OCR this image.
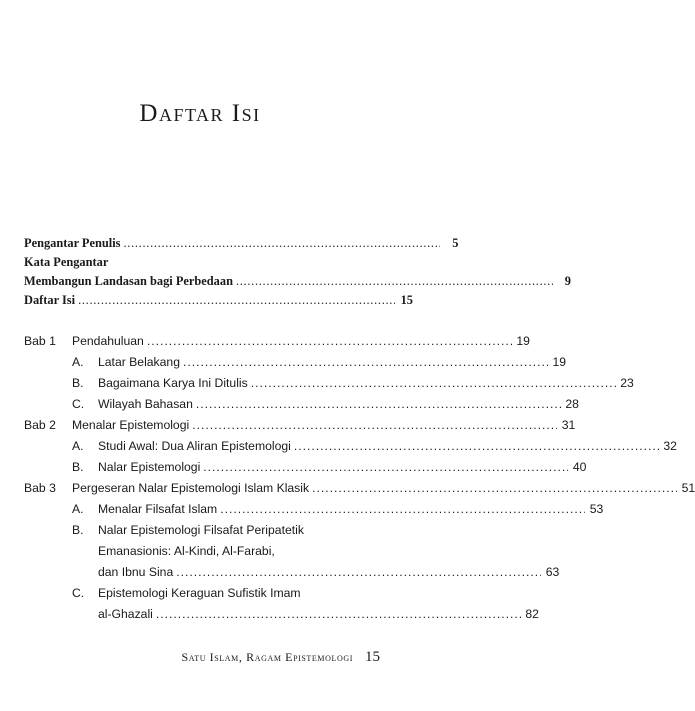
Daftar Isi
Pengantar Penulis . . .	5
Kata Pengantar
Membangun Landasan bagi Perbedaan . . .	9
Daftar Isi . . .	15
Bab 1	Pendahuluan . . .	19
A.	Latar Belakang . . .	19
B.	Bagaimana Karya Ini Ditulis . . .	23
C.	Wilayah Bahasan . . .	28
Bab 2	Menalar Epistemologi . . .	31
A.	Studi Awal: Dua Aliran Epistemologi . . .	32
B.	Nalar Epistemologi . . .	40
Bab 3	Pergeseran Nalar Epistemologi Islam Klasik . . .	51
A.	Menalar Filsafat Islam . . .	53
B.	Nalar Epistemologi Filsafat Peripatetik
Emanasionis: Al-Kindi, Al-Farabi,
dan Ibnu Sina . . .	63
C.	Epistemologi Keraguan Sufistik Imam
al-Ghazali . . .	82
Satu Islam, Ragam Epistemologi 15
